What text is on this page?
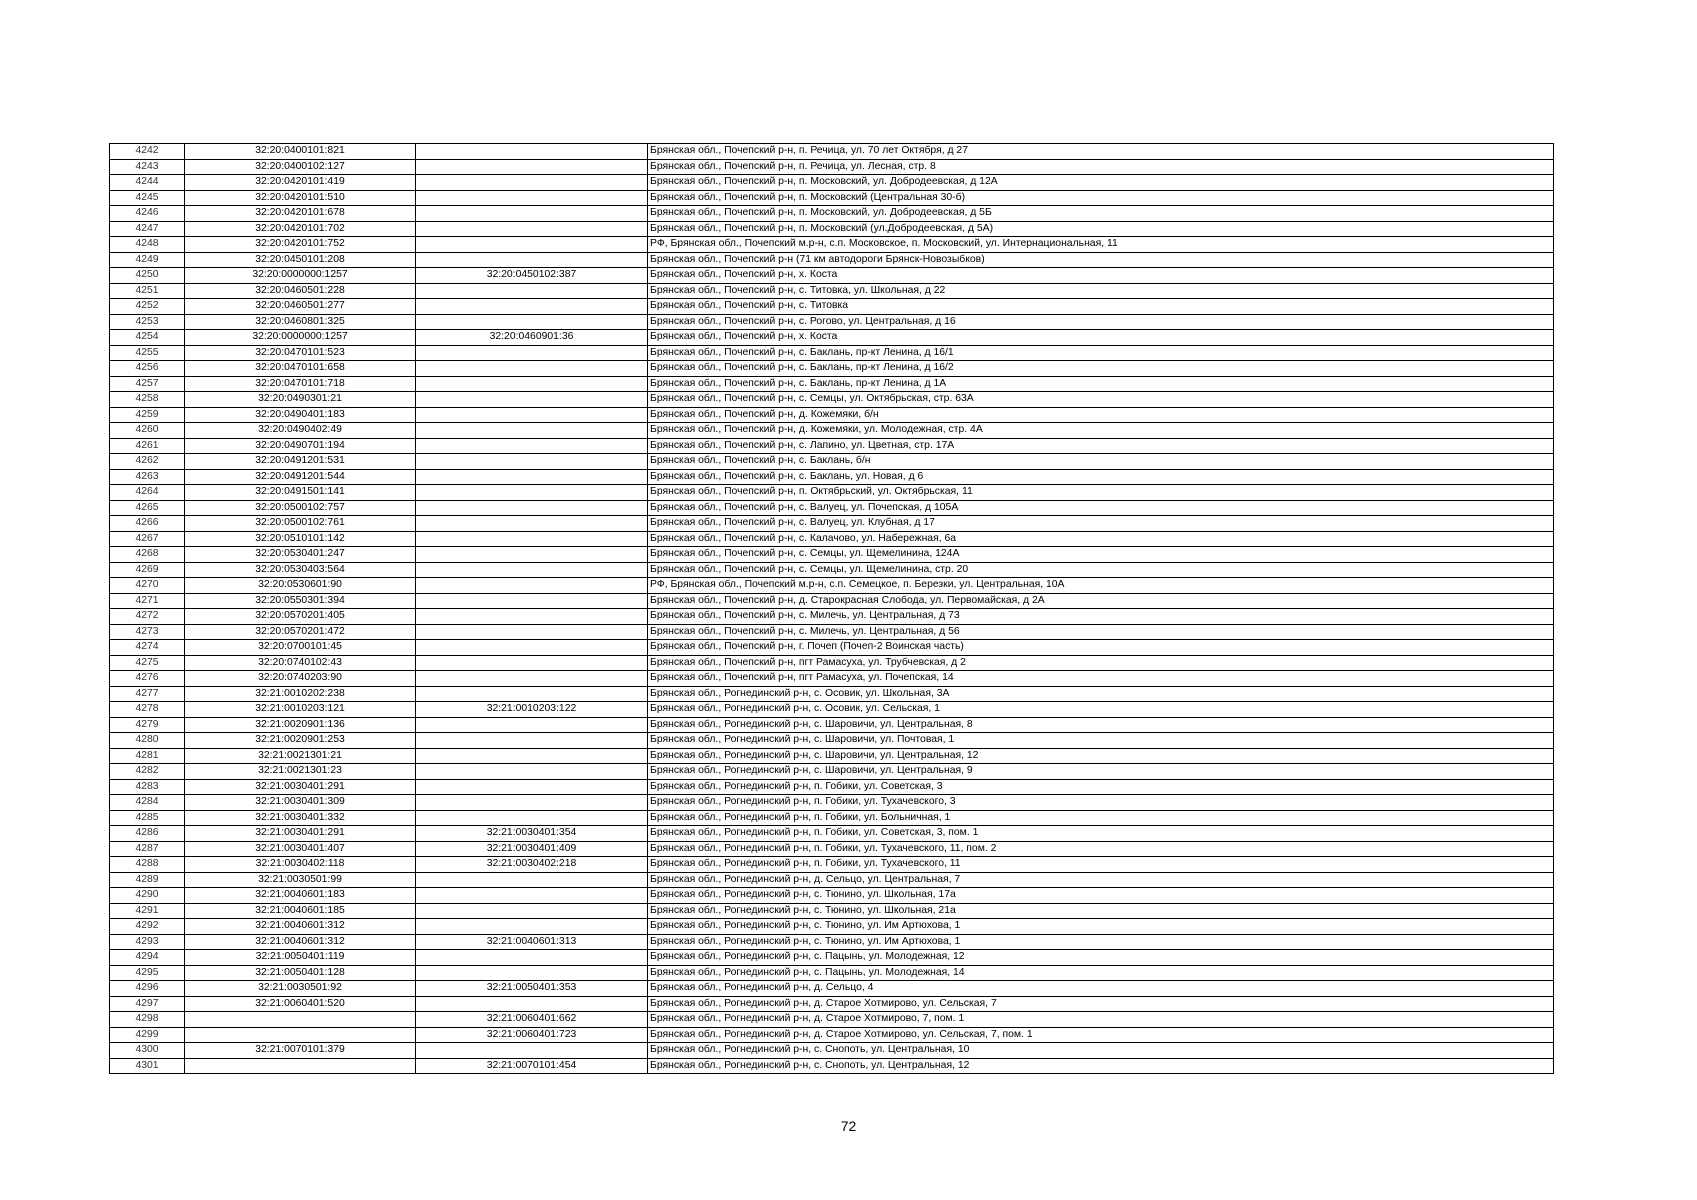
4242	32:20:0400101:821		Брянская обл., Почепский р-н, п. Речица, ул. 70 лет Октября, д 27
4243	32:20:0400102:127		Брянская обл., Почепский р-н, п. Речица, ул. Лесная, стр. 8
4244	32:20:0420101:419		Брянская обл., Почепский р-н, п. Московский, ул. Добродеевская, д 12А
4245	32:20:0420101:510		Брянская обл., Почепский р-н, п. Московский (Центральная 30-б)
4246	32:20:0420101:678		Брянская обл., Почепский р-н, п. Московский, ул. Добродеевская, д 5Б
4247	32:20:0420101:702		Брянская обл., Почепский р-н, п. Московский (ул.Добродеевская, д 5А)
4248	32:20:0420101:752		РФ, Брянская обл., Почепский м.р-н, с.п. Московское, п. Московский, ул. Интернациональная, 11
4249	32:20:0450101:208		Брянская обл., Почепский р-н (71 км автодороги Брянск-Новозыбков)
4250	32:20:0000000:1257	32:20:0450102:387	Брянская обл., Почепский р-н, х. Коста
4251	32:20:0460501:228		Брянская обл., Почепский р-н, с. Титовка, ул. Школьная, д 22
4252	32:20:0460501:277		Брянская обл., Почепский р-н, с. Титовка
4253	32:20:0460801:325		Брянская обл., Почепский р-н, с. Рогово, ул. Центральная, д 16
4254	32:20:0000000:1257	32:20:0460901:36	Брянская обл., Почепский р-н, х. Коста
4255	32:20:0470101:523		Брянская обл., Почепский р-н, с. Баклань, пр-кт Ленина, д 16/1
4256	32:20:0470101:658		Брянская обл., Почепский р-н, с. Баклань, пр-кт Ленина, д 16/2
4257	32:20:0470101:718		Брянская обл., Почепский р-н, с. Баклань, пр-кт Ленина, д 1А
4258	32:20:0490301:21		Брянская обл., Почепский р-н, с. Семцы, ул. Октябрьская, стр. 63А
4259	32:20:0490401:183		Брянская обл., Почепский р-н, д. Кожемяки, б/н
4260	32:20:0490402:49		Брянская обл., Почепский р-н, д. Кожемяки, ул. Молодежная, стр. 4А
4261	32:20:0490701:194		Брянская обл., Почепский р-н, с. Лапино, ул. Цветная, стр. 17А
4262	32:20:0491201:531		Брянская обл., Почепский р-н, с. Баклань, б/н
4263	32:20:0491201:544		Брянская обл., Почепский р-н, с. Баклань, ул. Новая, д 6
4264	32:20:0491501:141		Брянская обл., Почепский р-н, п. Октябрьский, ул. Октябрьская, 11
4265	32:20:0500102:757		Брянская обл., Почепский р-н, с. Валуец, ул. Почепская, д 105А
4266	32:20:0500102:761		Брянская обл., Почепский р-н, с. Валуец, ул. Клубная, д 17
4267	32:20:0510101:142		Брянская обл., Почепский р-н, с. Калачово, ул. Набережная, 6а
4268	32:20:0530401:247		Брянская обл., Почепский р-н, с. Семцы, ул. Щемелинина, 124А
4269	32:20:0530403:564		Брянская обл., Почепский р-н, с. Семцы, ул. Щемелинина, стр. 20
4270	32:20:0530601:90		РФ, Брянская обл., Почепский м.р-н, с.п. Семецкое, п. Березки, ул. Центральная, 10А
4271	32:20:0550301:394		Брянская обл., Почепский р-н, д. Старокрасная Слобода, ул. Первомайская, д 2А
4272	32:20:0570201:405		Брянская обл., Почепский р-н, с. Милечь, ул. Центральная, д 73
4273	32:20:0570201:472		Брянская обл., Почепский р-н, с. Милечь, ул. Центральная, д 56
4274	32:20:0700101:45		Брянская обл., Почепский р-н, г. Почеп (Почеп-2 Воинская часть)
4275	32:20:0740102:43		Брянская обл., Почепский р-н, пгт Рамасуха, ул. Трубчевская, д 2
4276	32:20:0740203:90		Брянская обл., Почепский р-н, пгт Рамасуха, ул. Почепская, 14
4277	32:21:0010202:238		Брянская обл., Рогнединский р-н, с. Осовик, ул. Школьная, 3А
4278	32:21:0010203:121	32:21:0010203:122	Брянская обл., Рогнединский р-н, с. Осовик, ул. Сельская, 1
4279	32:21:0020901:136		Брянская обл., Рогнединский р-н, с. Шаровичи, ул. Центральная, 8
4280	32:21:0020901:253		Брянская обл., Рогнединский р-н, с. Шаровичи, ул. Почтовая, 1
4281	32:21:0021301:21		Брянская обл., Рогнединский р-н, с. Шаровичи, ул. Центральная, 12
4282	32:21:0021301:23		Брянская обл., Рогнединский р-н, с. Шаровичи, ул. Центральная, 9
4283	32:21:0030401:291		Брянская обл., Рогнединский р-н, п. Гобики, ул. Советская, 3
4284	32:21:0030401:309		Брянская обл., Рогнединский р-н, п. Гобики, ул. Тухачевского, 3
4285	32:21:0030401:332		Брянская обл., Рогнединский р-н, п. Гобики, ул. Больничная, 1
4286	32:21:0030401:291	32:21:0030401:354	Брянская обл., Рогнединский р-н, п. Гобики, ул. Советская, 3, пом. 1
4287	32:21:0030401:407	32:21:0030401:409	Брянская обл., Рогнединский р-н, п. Гобики, ул. Тухачевского, 11, пом. 2
4288	32:21:0030402:118	32:21:0030402:218	Брянская обл., Рогнединский р-н, п. Гобики, ул. Тухачевского, 11
4289	32:21:0030501:99		Брянская обл., Рогнединский р-н, д. Сельцо, ул. Центральная, 7
4290	32:21:0040601:183		Брянская обл., Рогнединский р-н, с. Тюнино, ул. Школьная, 17а
4291	32:21:0040601:185		Брянская обл., Рогнединский р-н, с. Тюнино, ул. Школьная, 21а
4292	32:21:0040601:312		Брянская обл., Рогнединский р-н, с. Тюнино, ул. Им Артюхова, 1
4293	32:21:0040601:312	32:21:0040601:313	Брянская обл., Рогнединский р-н, с. Тюнино, ул. Им Артюхова, 1
4294	32:21:0050401:119		Брянская обл., Рогнединский р-н, с. Пацынь, ул. Молодежная, 12
4295	32:21:0050401:128		Брянская обл., Рогнединский р-н, с. Пацынь, ул. Молодежная, 14
4296	32:21:0030501:92	32:21:0050401:353	Брянская обл., Рогнединский р-н, д. Сельцо, 4
4297	32:21:0060401:520		Брянская обл., Рогнединский р-н, д. Старое Хотмирово, ул. Сельская, 7
4298		32:21:0060401:662	Брянская обл., Рогнединский р-н, д. Старое Хотмирово, 7, пом. 1
4299		32:21:0060401:723	Брянская обл., Рогнединский р-н, д. Старое Хотмирово, ул. Сельская, 7, пом. 1
4300	32:21:0070101:379		Брянская обл., Рогнединский р-н, с. Снопоть, ул. Центральная, 10
4301		32:21:0070101:454	Брянская обл., Рогнединский р-н, с. Снопоть, ул. Центральная, 12
72
